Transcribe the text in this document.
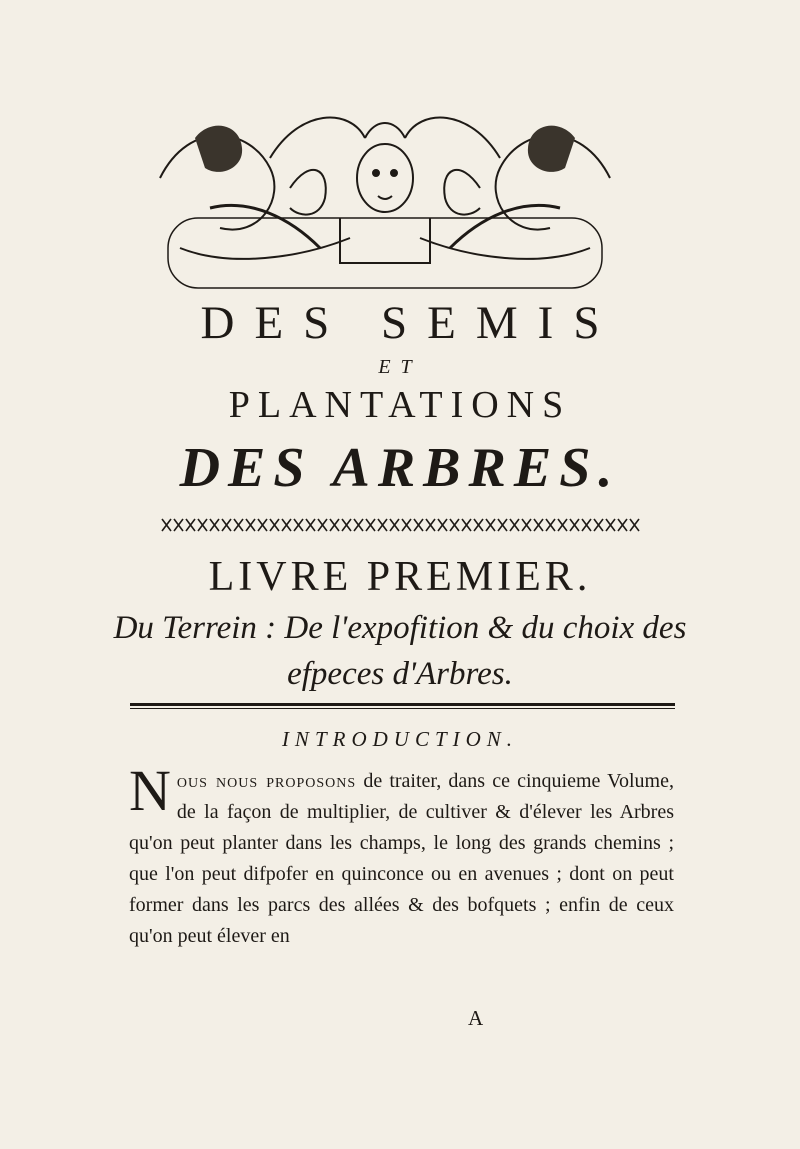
DES SEMIS
ET
PLANTATIONS
DES ARBRES.
LIVRE PREMIER.
Du Terrein : De l'expofition & du choix des
efpeces d'Arbres.
INTRODUCTION.
Nous nous proposons de traiter, dans ce cinquieme Volume, de la façon de multiplier, de cultiver & d'élever les Arbres qu'on peut planter dans les champs, le long des grands chemins ; que l'on peut difpofer en quinconce ou en avenues ; dont on peut former dans les parcs des allées & des bofquets ; enfin de ceux qu'on peut élever en
A
